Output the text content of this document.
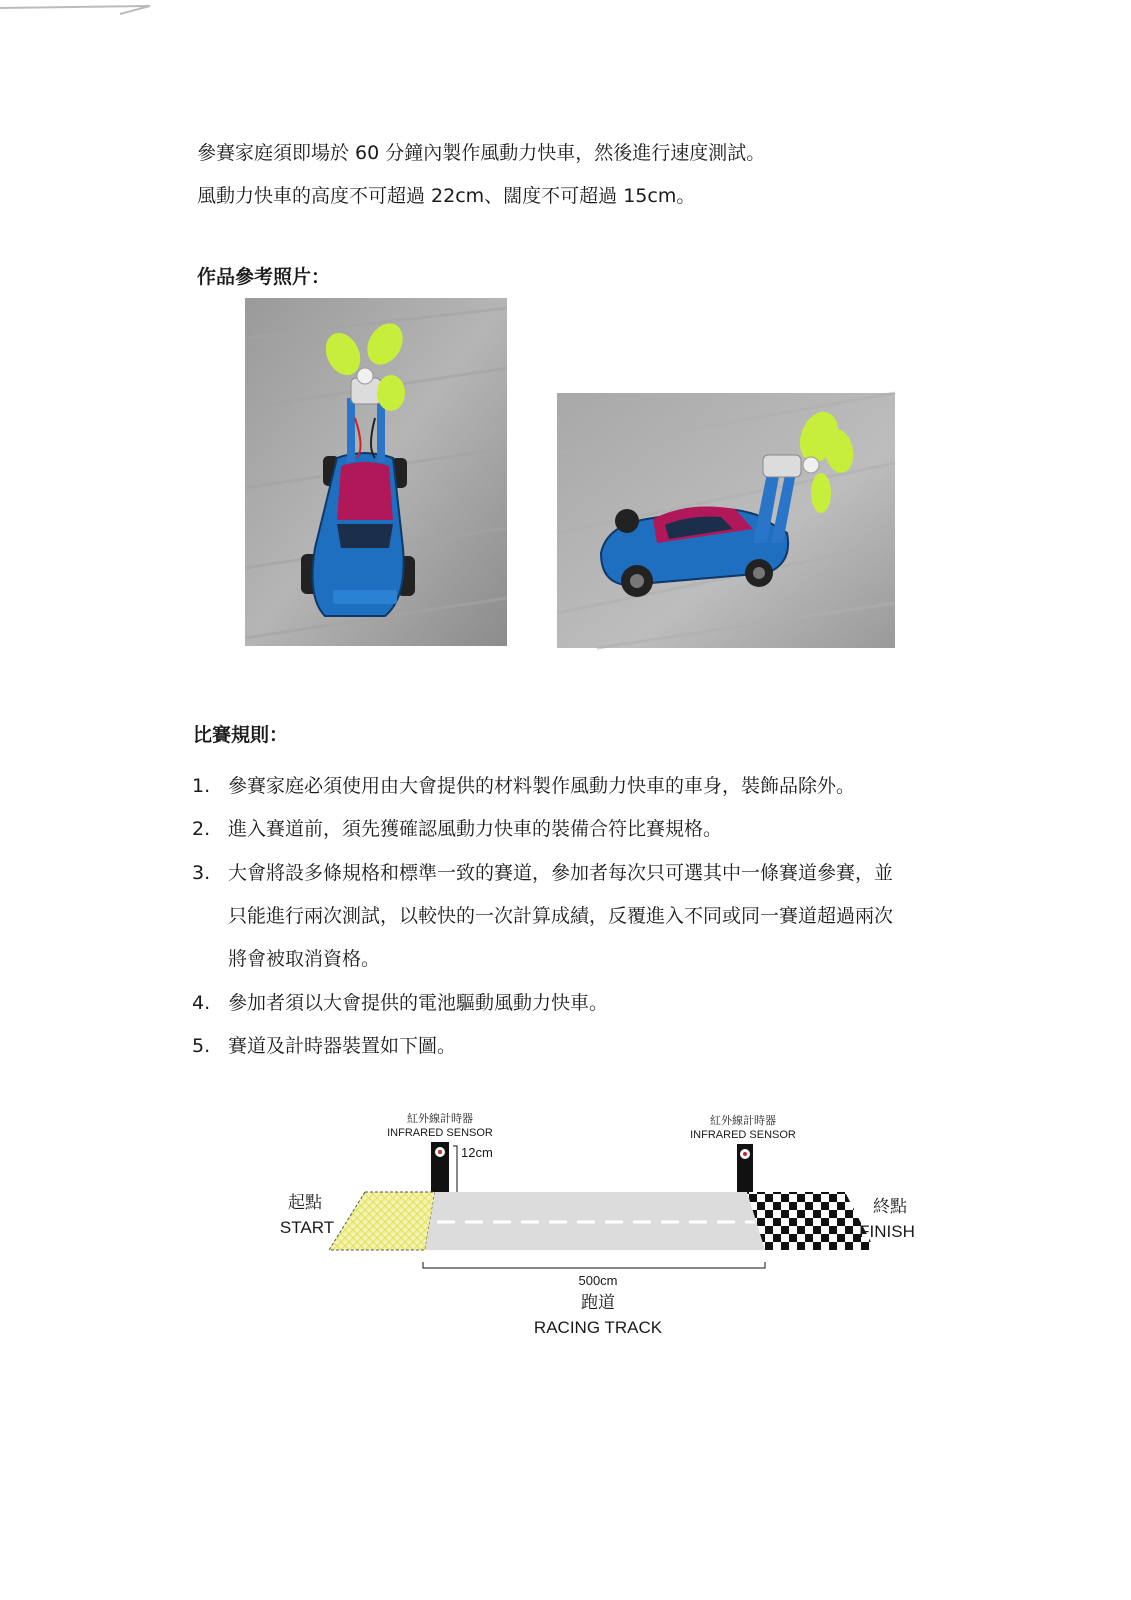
參賽家庭須即場於 60 分鐘內製作風動力快車，然後進行速度測試。
風動力快車的高度不可超過 22cm、闊度不可超過 15cm。
作品參考照片：
比賽規則：
1. 參賽家庭必須使用由大會提供的材料製作風動力快車的車身，裝飾品除外。
2. 進入賽道前，須先獲確認風動力快車的裝備合符比賽規格。
3. 大會將設多條規格和標準一致的賽道，參加者每次只可選其中一條賽道參賽，並只能進行兩次測試，以較快的一次計算成績，反覆進入不同或同一賽道超過兩次將會被取消資格。
4. 參加者須以大會提供的電池驅動風動力快車。
5. 賽道及計時器裝置如下圖。
紅外線計時器
INFRARED SENSOR
紅外線計時器
INFRARED SENSOR
12cm
起點
START
終點
FINISH
500cm
跑道
RACING TRACK
